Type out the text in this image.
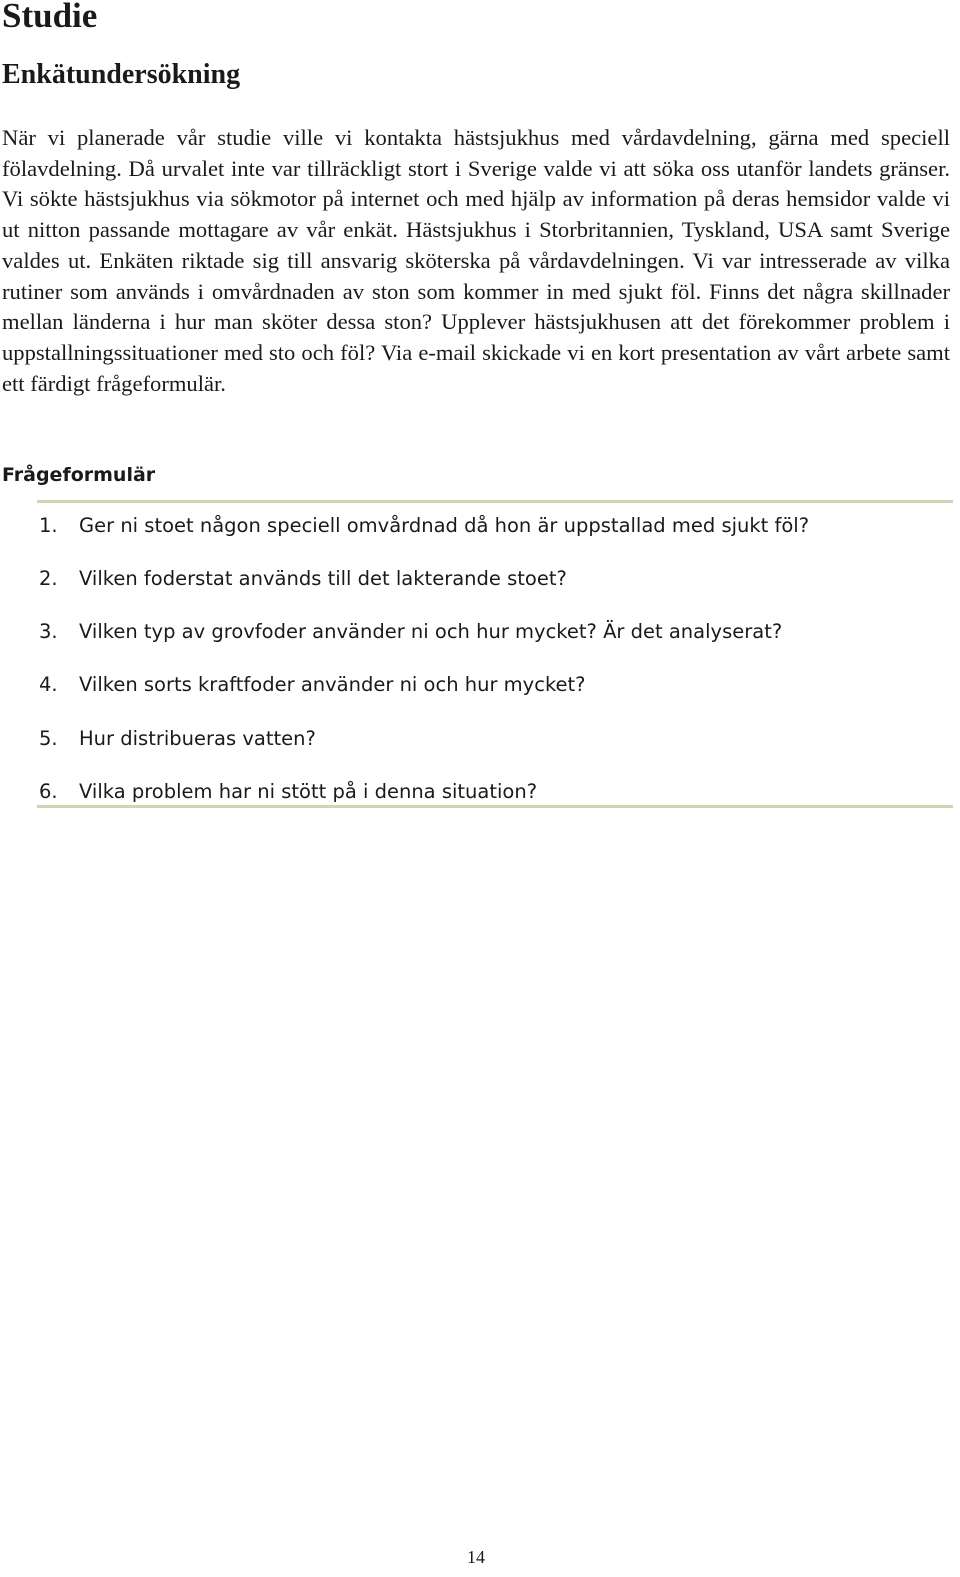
Studie
Enkätundersökning

När vi planerade vår studie ville vi kontakta hästsjukhus med vårdavdelning, gärna med speciell fölavdelning. Då urvalet inte var tillräckligt stort i Sverige valde vi att söka oss utanför landets gränser. Vi sökte hästsjukhus via sökmotor på internet och med hjälp av information på deras hemsidor valde vi ut nitton passande mottagare av vår enkät. Hästsjukhus i Storbritannien, Tyskland, USA samt Sverige valdes ut. Enkäten riktade sig till ansvarig sköterska på vårdavdelningen. Vi var intresserade av vilka rutiner som används i omvårdnaden av ston som kommer in med sjukt föl. Finns det några skillnader mellan länderna i hur man sköter dessa ston? Upplever hästsjukhusen att det förekommer problem i uppstallningssituationer med sto och föl? Via e-mail skickade vi en kort presentation av vårt arbete samt ett färdigt frågeformulär.

Frågeformulär
1. Ger ni stoet någon speciell omvårdnad då hon är uppstallad med sjukt föl?
2. Vilken foderstat används till det lakterande stoet?
3. Vilken typ av grovfoder använder ni och hur mycket? Är det analyserat?
4. Vilken sorts kraftfoder använder ni och hur mycket?
5. Hur distribueras vatten?
6. Vilka problem har ni stött på i denna situation?
14
